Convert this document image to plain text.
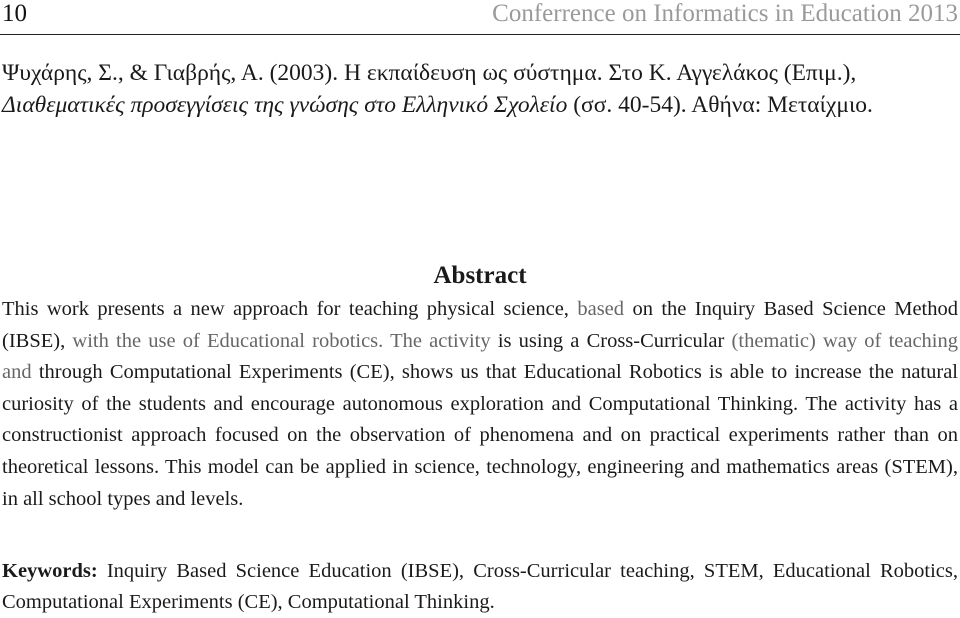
10	Conferrence on Informatics in Education 2013
Ψυχάρης, Σ., & Γιαβρής, Α. (2003). Η εκπαίδευση ως σύστημα. Στο Κ. Αγγελάκος (Επιμ.), Διαθεματικές προσεγγίσεις της γνώσης στο Ελληνικό Σχολείο (σσ. 40-54). Αθήνα: Μεταίχμιο.
Abstract
This work presents a new approach for teaching physical science, based on the Inquiry Based Science Method (IBSE), with the use of Educational robotics. The activity is using a Cross-Curricular (thematic) way of teaching and through Computational Experiments (CE), shows us that Educational Robotics is able to increase the natural curiosity of the students and encourage autonomous exploration and Computational Thinking. The activity has a constructionist approach focused on the observation of phenomena and on practical experiments rather than on theoretical lessons. This model can be applied in science, technology, engineering and mathematics areas (STEM), in all school types and levels.
Keywords: Inquiry Based Science Education (IBSE), Cross-Curricular teaching, STEM, Educational Robotics, Computational Experiments (CE), Computational Thinking.
